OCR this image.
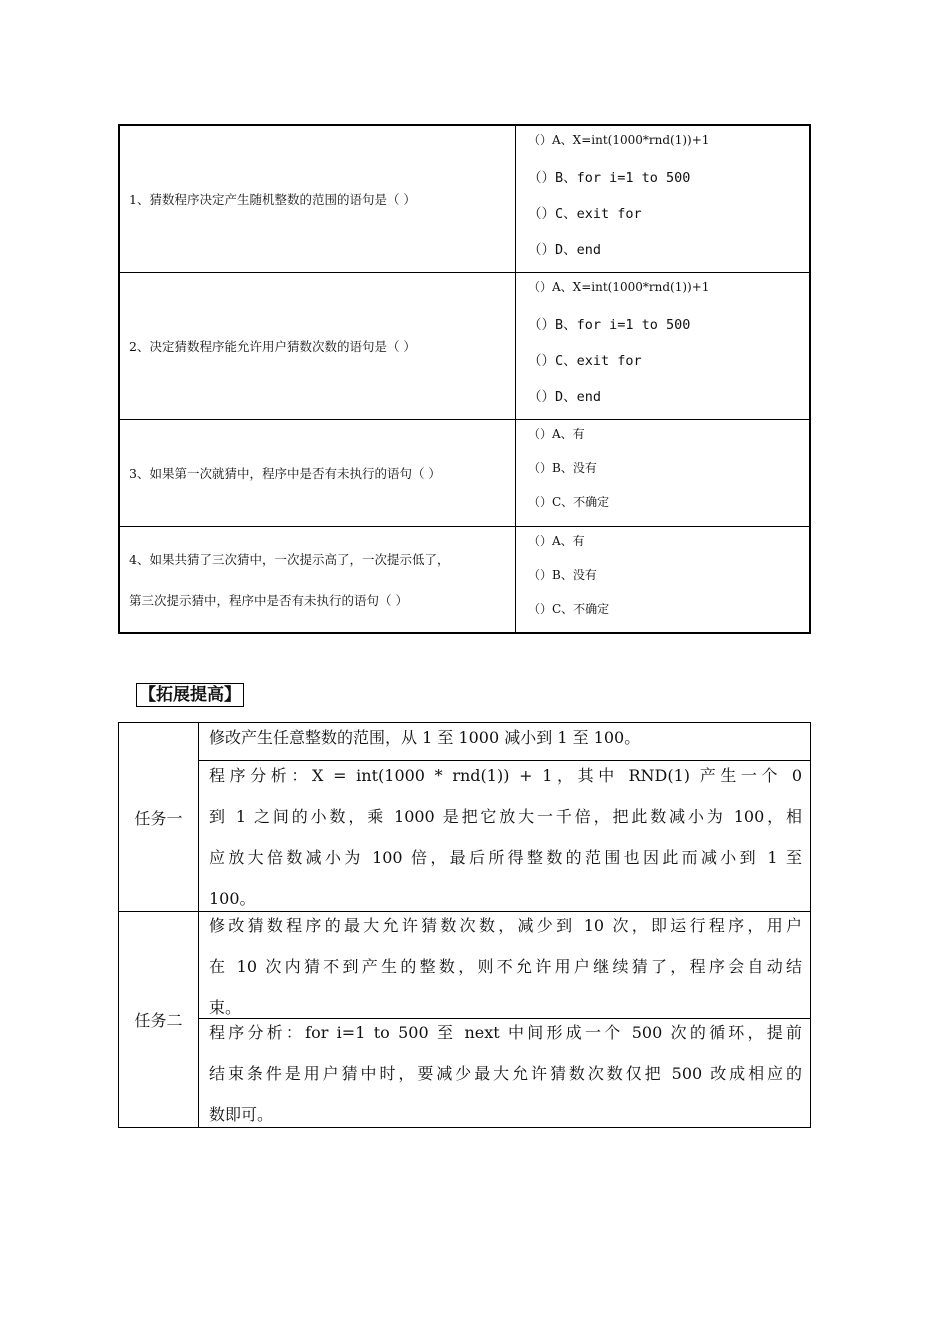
1、猜数程序决定产生随机整数的范围的语句是（ ）
（）A、X=int(1000*rnd(1))+1
（）B、for i=1 to 500
（）C、exit for
（）D、end
2、决定猜数程序能允许用户猜数次数的语句是（ ）
（）A、X=int(1000*rnd(1))+1
（）B、for i=1 to 500
（）C、exit for
（）D、end
3、如果第一次就猜中，程序中是否有未执行的语句（ ）
（）A、有
（）B、没有
（）C、不确定
4、如果共猜了三次猜中，一次提示高了，一次提示低了，
第三次提示猜中，程序中是否有未执行的语句（ ）
（）A、有
（）B、没有
（）C、不确定
【拓展提高】
任务一
修改产生任意整数的范围，从 1 至 1000 减小到 1 至 100。
程序分析：X = int(1000 * rnd(1)) + 1，其中 RND(1) 产生一个 0
到 1 之间的小数，乘 1000 是把它放大一千倍，把此数减小为 100，相
应放大倍数减小为 100 倍，最后所得整数的范围也因此而减小到 1 至
100。
任务二
修改猜数程序的最大允许猜数次数，减少到 10 次，即运行程序，用户
在 10 次内猜不到产生的整数，则不允许用户继续猜了，程序会自动结
束。
程序分析：for i=1 to 500 至 next 中间形成一个 500 次的循环，提前
结束条件是用户猜中时，要减少最大允许猜数次数仅把 500 改成相应的
数即可。
